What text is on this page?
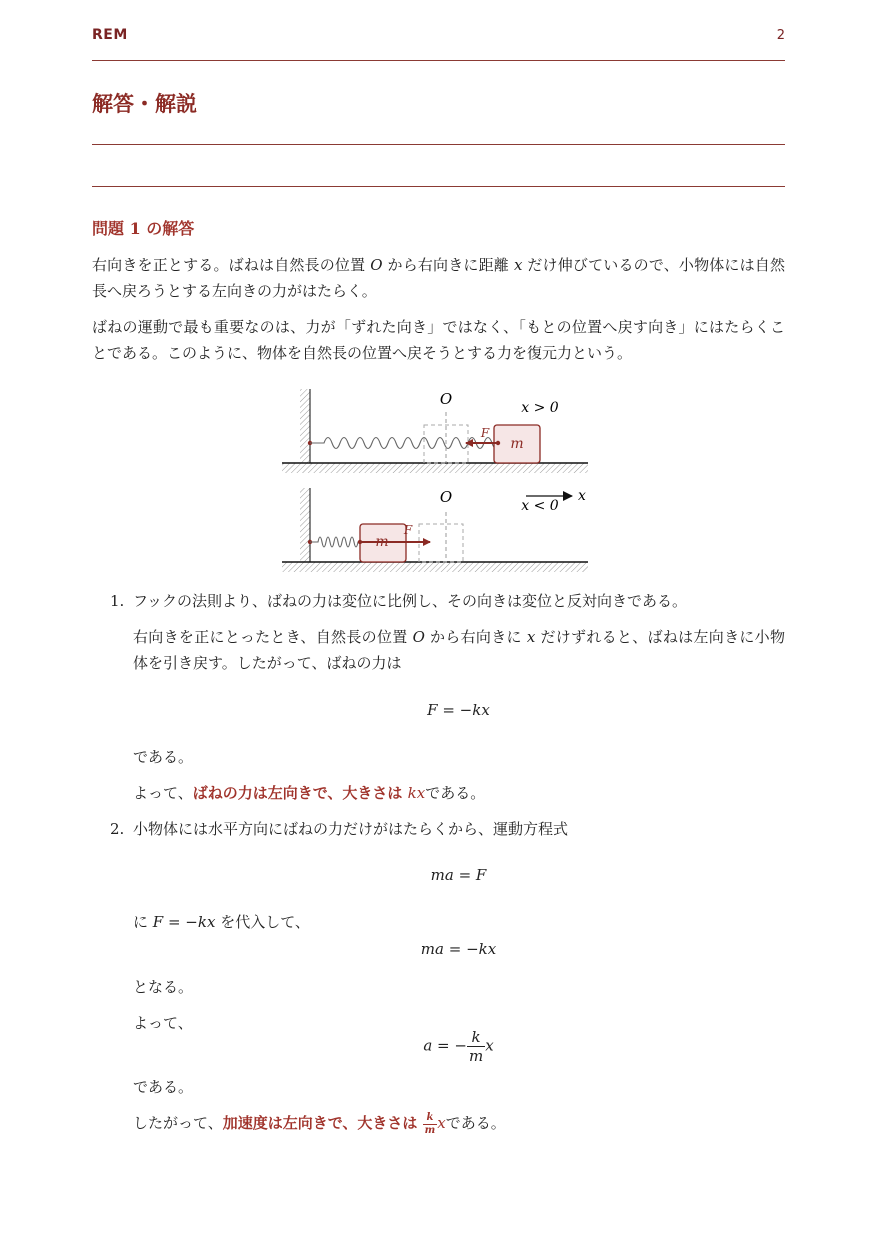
REM	2
解答・解説
問題 1 の解答

右向きを正とする。ばねは自然長の位置 O から右向きに距離 x だけ伸びているので、小物体には自然長へ戻ろうとする左向きの力がはたらく。

ばねの運動で最も重要なのは、力が「ずれた向き」ではなく、「もとの位置へ戻す向き」にはたらくことである。このように、物体を自然長の位置へ戻そうとする力を復元力という。

x > 0
O
m
F
x
x < 0
O
m
F
1. フックの法則より、ばねの力は変位に比例し、その向きは変位と反対向きである。

右向きを正にとったとき、自然長の位置 O から右向きに x だけずれると、ばねは左向きに小物体を引き戻す。したがって、ばねの力は

F = −kx

である。

よって、ばねの力は左向きで、大きさは kxである。

2. 小物体には水平方向にばねの力だけがはたらくから、運動方程式

ma = F

に F = −kx を代入して、

ma = −kx

となる。

よって、

a = − $\frac{k}{m}$ x

である。

したがって、加速度は左向きで、大きさは $\frac{k}{m}$ xである。
